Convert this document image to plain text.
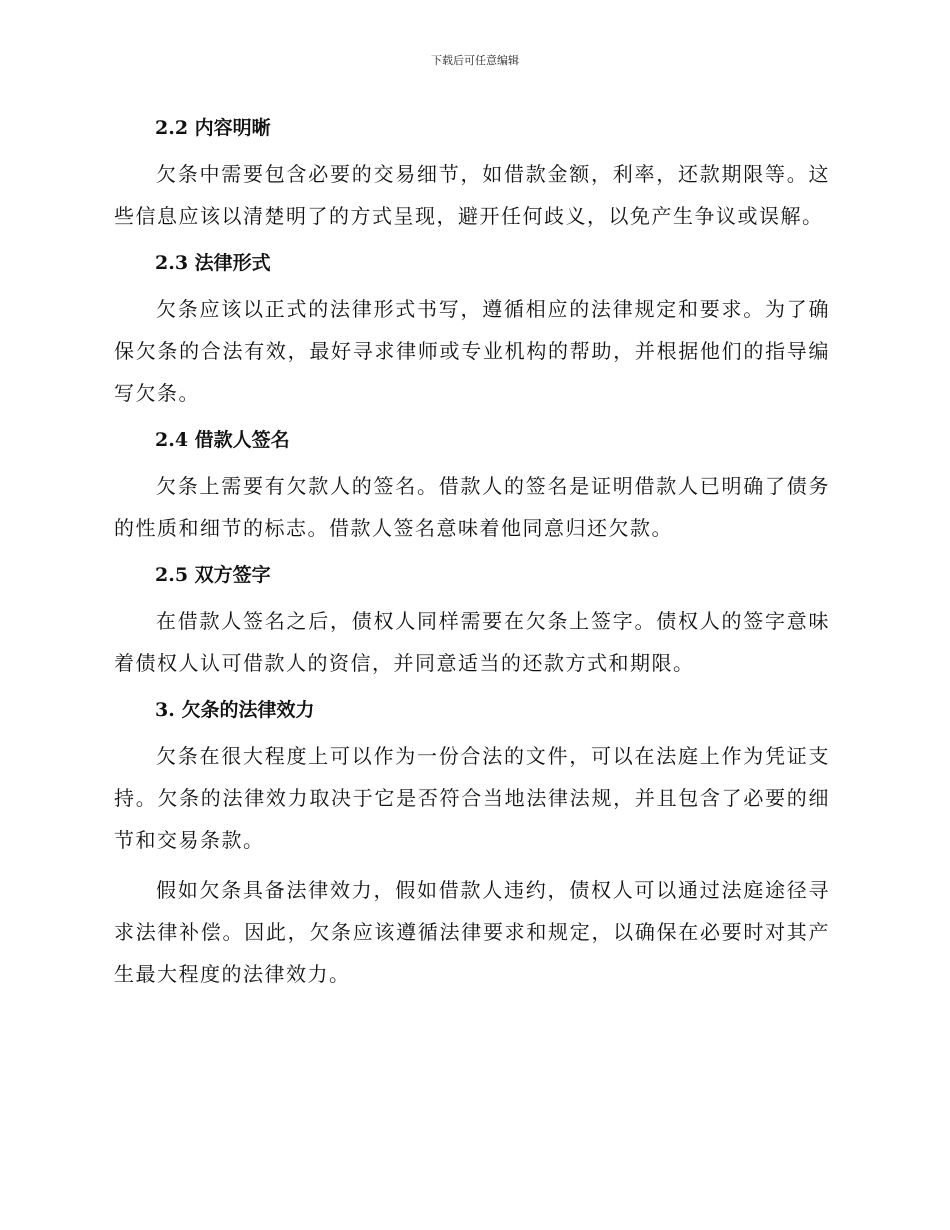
下载后可任意编辑
2.2 内容明晰

欠条中需要包含必要的交易细节，如借款金额，利率，还款期限等。这些信息应该以清楚明了的方式呈现，避开任何歧义，以免产生争议或误解。

2.3 法律形式

欠条应该以正式的法律形式书写，遵循相应的法律规定和要求。为了确保欠条的合法有效，最好寻求律师或专业机构的帮助，并根据他们的指导编写欠条。

2.4 借款人签名

欠条上需要有欠款人的签名。借款人的签名是证明借款人已明确了债务的性质和细节的标志。借款人签名意味着他同意归还欠款。

2.5 双方签字

在借款人签名之后，债权人同样需要在欠条上签字。债权人的签字意味着债权人认可借款人的资信，并同意适当的还款方式和期限。

3. 欠条的法律效力

欠条在很大程度上可以作为一份合法的文件，可以在法庭上作为凭证支持。欠条的法律效力取决于它是否符合当地法律法规，并且包含了必要的细节和交易条款。

假如欠条具备法律效力，假如借款人违约，债权人可以通过法庭途径寻求法律补偿。因此，欠条应该遵循法律要求和规定，以确保在必要时对其产生最大程度的法律效力。
